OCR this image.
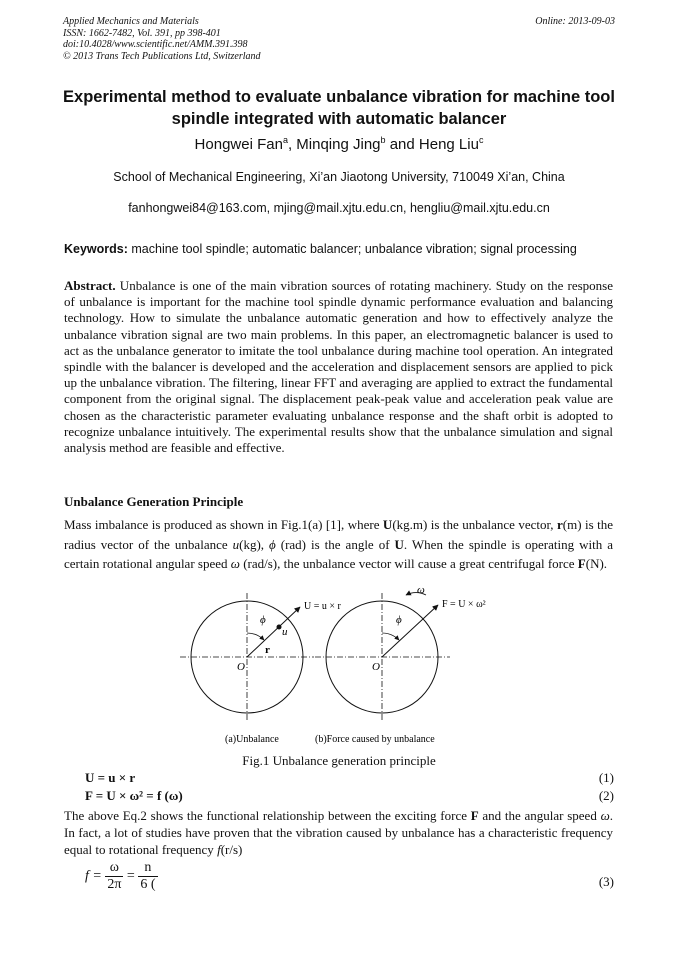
Applied Mechanics and Materials
ISSN: 1662-7482, Vol. 391, pp 398-401
doi:10.4028/www.scientific.net/AMM.391.398
© 2013 Trans Tech Publications Ltd, Switzerland
Online: 2013-09-03
Experimental method to evaluate unbalance vibration for machine tool
spindle integrated with automatic balancer
Hongwei Fan$^a$, Minqing Jing$^b$ and Heng Liu$^c$
School of Mechanical Engineering, Xi’an Jiaotong University, 710049 Xi’an, China
fanhongwei84@163.com, mjing@mail.xjtu.edu.cn, hengliu@mail.xjtu.edu.cn
Keywords: machine tool spindle; automatic balancer; unbalance vibration; signal processing
Abstract. Unbalance is one of the main vibration sources of rotating machinery. Study on the response of unbalance is important for the machine tool spindle dynamic performance evaluation and balancing technology. How to simulate the unbalance automatic generation and how to effectively analyze the unbalance vibration signal are two main problems. In this paper, an electromagnetic balancer is used to act as the unbalance generator to imitate the tool unbalance during machine tool operation. An integrated spindle with the balancer is developed and the acceleration and displacement sensors are applied to pick up the unbalance vibration. The filtering, linear FFT and averaging are applied to extract the fundamental component from the original signal. The displacement peak-peak value and acceleration peak value are chosen as the characteristic parameter evaluating unbalance response and the shaft orbit is adopted to recognize unbalance intuitively. The experimental results show that the unbalance simulation and signal analysis method are feasible and effective.
Unbalance Generation Principle
Mass imbalance is produced as shown in Fig.1(a) [1], where U(kg.m) is the unbalance vector, r(m) is the radius vector of the unbalance u(kg), ϕ (rad) is the angle of U. When the spindle is operating with a certain rotational angular speed ω (rad/s), the unbalance vector will cause a great centrifugal force F(N).
ϕ
u
r
O
U = u × r
(a)Unbalance
ϕ
O
ω
F = U × ω²
(b)Force caused by unbalance
Fig.1 Unbalance generation principle
U = u × r	(1)
F = U × ω² = f (ω)	(2)
The above Eq.2 shows the functional relationship between the exciting force F and the angular speed ω. In fact, a lot of studies have proven that the vibration caused by unbalance has a characteristic frequency equal to rotational frequency f(r/s)
$f = \frac{\omega}{2\pi} = \frac{n}{6 (}$	(3)
